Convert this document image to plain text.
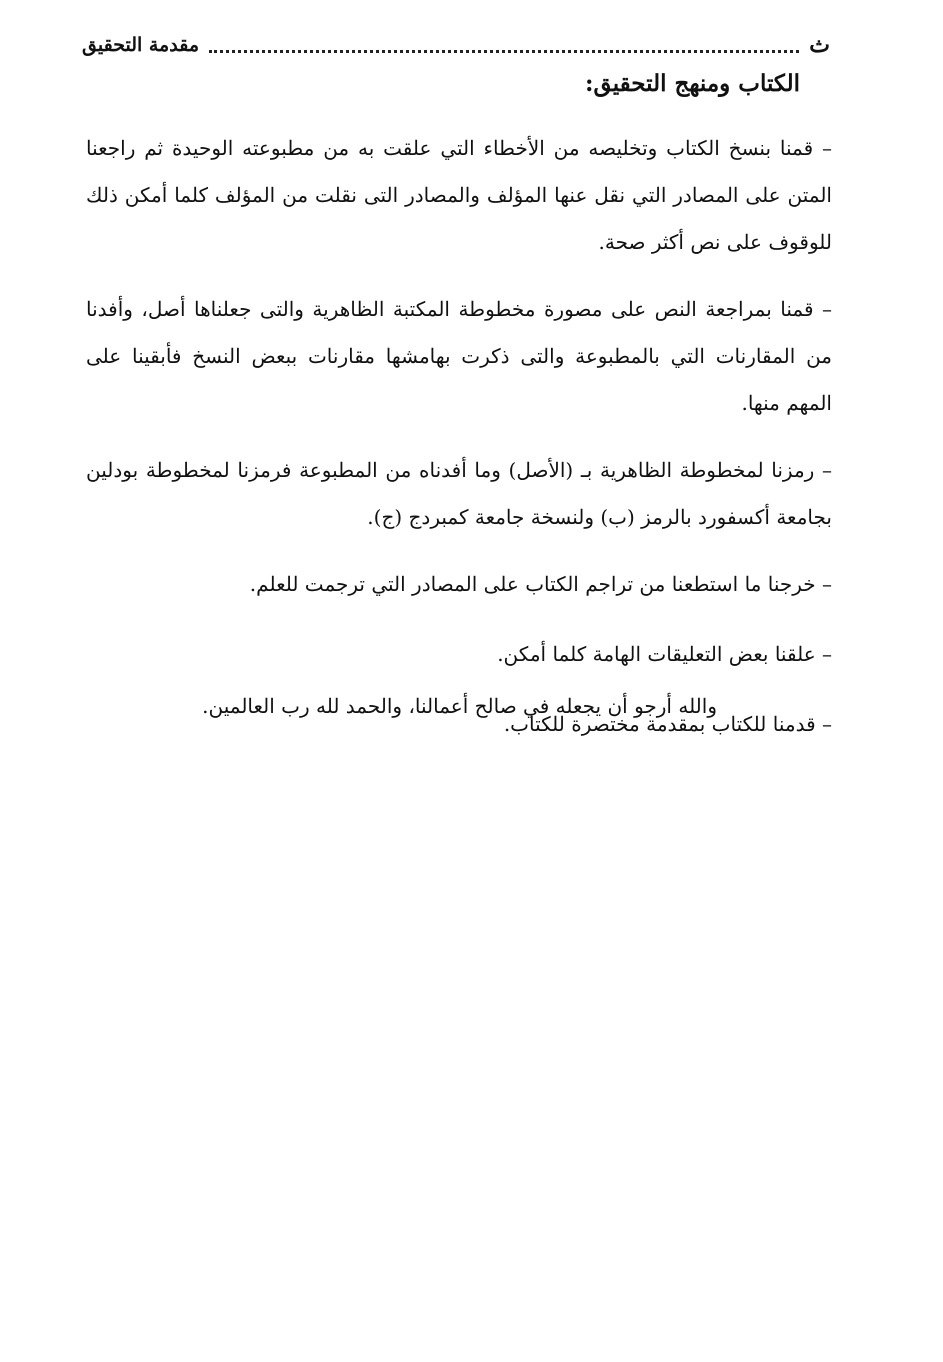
ث
مقدمة التحقيق
الكتاب ومنهج التحقيق:

– قمنا بنسخ الكتاب وتخليصه من الأخطاء التي علقت به من مطبوعته الوحيدة ثم راجعنا المتن على المصادر التي نقل عنها المؤلف والمصادر التى نقلت من المؤلف كلما أمكن ذلك للوقوف على نص أكثر صحة.

– قمنا بمراجعة النص على مصورة مخطوطة المكتبة الظاهرية والتى جعلناها أصل، وأفدنا من المقارنات التي بالمطبوعة والتى ذكرت بهامشها مقارنات ببعض النسخ فأبقينا على المهم منها.

– رمزنا لمخطوطة الظاهرية بـ (الأصل) وما أفدناه من المطبوعة فرمزنا لمخطوطة بودلين بجامعة أكسفورد بالرمز (ب) ولنسخة جامعة كمبردج (ج).

– خرجنا ما استطعنا من تراجم الكتاب على المصادر التي ترجمت للعلم.

– علقنا بعض التعليقات الهامة كلما أمكن.

– قدمنا للكتاب بمقدمة مختصرة للكتاب.

والله أرجو أن يجعله في صالح أعمالنا، والحمد لله رب العالمين.
